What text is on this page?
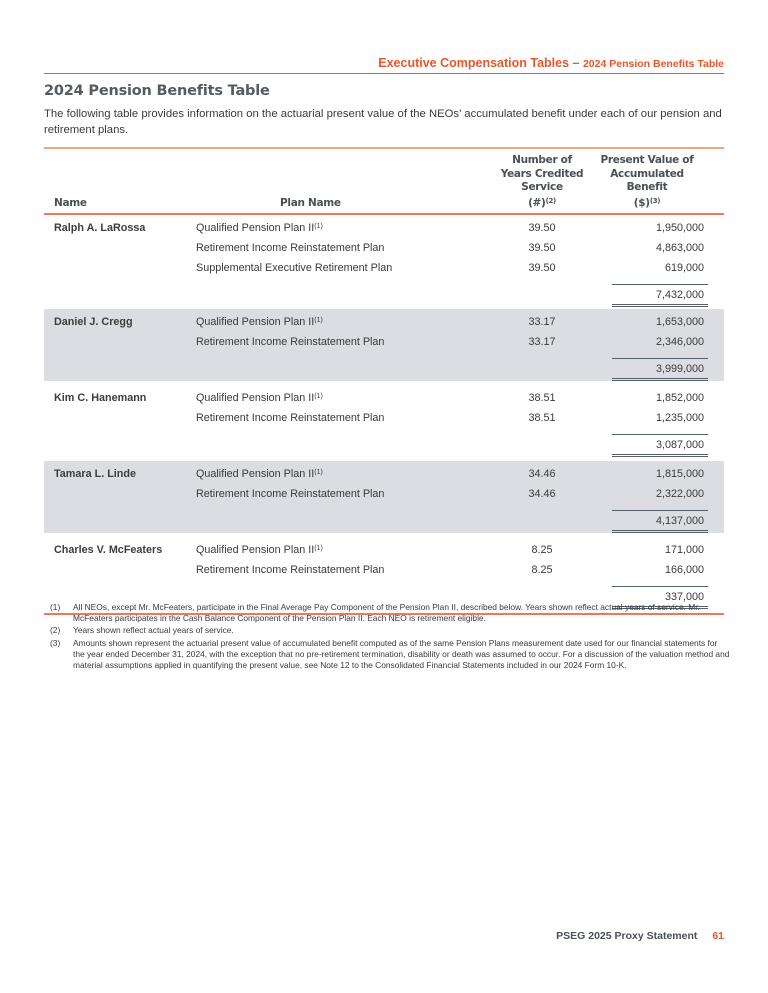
Executive Compensation Tables – 2024 Pension Benefits Table
2024 Pension Benefits Table
The following table provides information on the actuarial present value of the NEOs’ accumulated benefit under each of our pension and retirement plans.
Name	Plan Name
Number of
Years Credited
Service
(#)$^{(2)}$
Present Value of
Accumulated
Benefit
($)$^{(3)}$
Ralph A. LaRossa	Qualified Pension Plan II$^{(1)}$	39.50	1,950,000
Retirement Income Reinstatement Plan	39.50	4,863,000
Supplemental Executive Retirement Plan	39.50	619,000
7,432,000
Daniel J. Cregg	Qualified Pension Plan II$^{(1)}$	33.17	1,653,000
Retirement Income Reinstatement Plan	33.17	2,346,000
3,999,000
Kim C. Hanemann	Qualified Pension Plan II$^{(1)}$	38.51	1,852,000
Retirement Income Reinstatement Plan	38.51	1,235,000
3,087,000
Tamara L. Linde	Qualified Pension Plan II$^{(1)}$	34.46	1,815,000
Retirement Income Reinstatement Plan	34.46	2,322,000
4,137,000
Charles V. McFeaters	Qualified Pension Plan II$^{(1)}$	8.25	171,000
Retirement Income Reinstatement Plan	8.25	166,000
337,000
(1) All NEOs, except Mr. McFeaters, participate in the Final Average Pay Component of the Pension Plan II, described below. Years shown reflect actual years of service. Mr. McFeaters participates in the Cash Balance Component of the Pension Plan II. Each NEO is retirement eligible.
(2) Years shown reflect actual years of service.
(3) Amounts shown represent the actuarial present value of accumulated benefit computed as of the same Pension Plans measurement date used for our financial statements for the year ended December 31, 2024, with the exception that no pre-retirement termination, disability or death was assumed to occur. For a discussion of the valuation method and material assumptions applied in quantifying the present value, see Note 12 to the Consolidated Financial Statements included in our 2024 Form 10-K.
PSEG 2025 Proxy Statement 61
